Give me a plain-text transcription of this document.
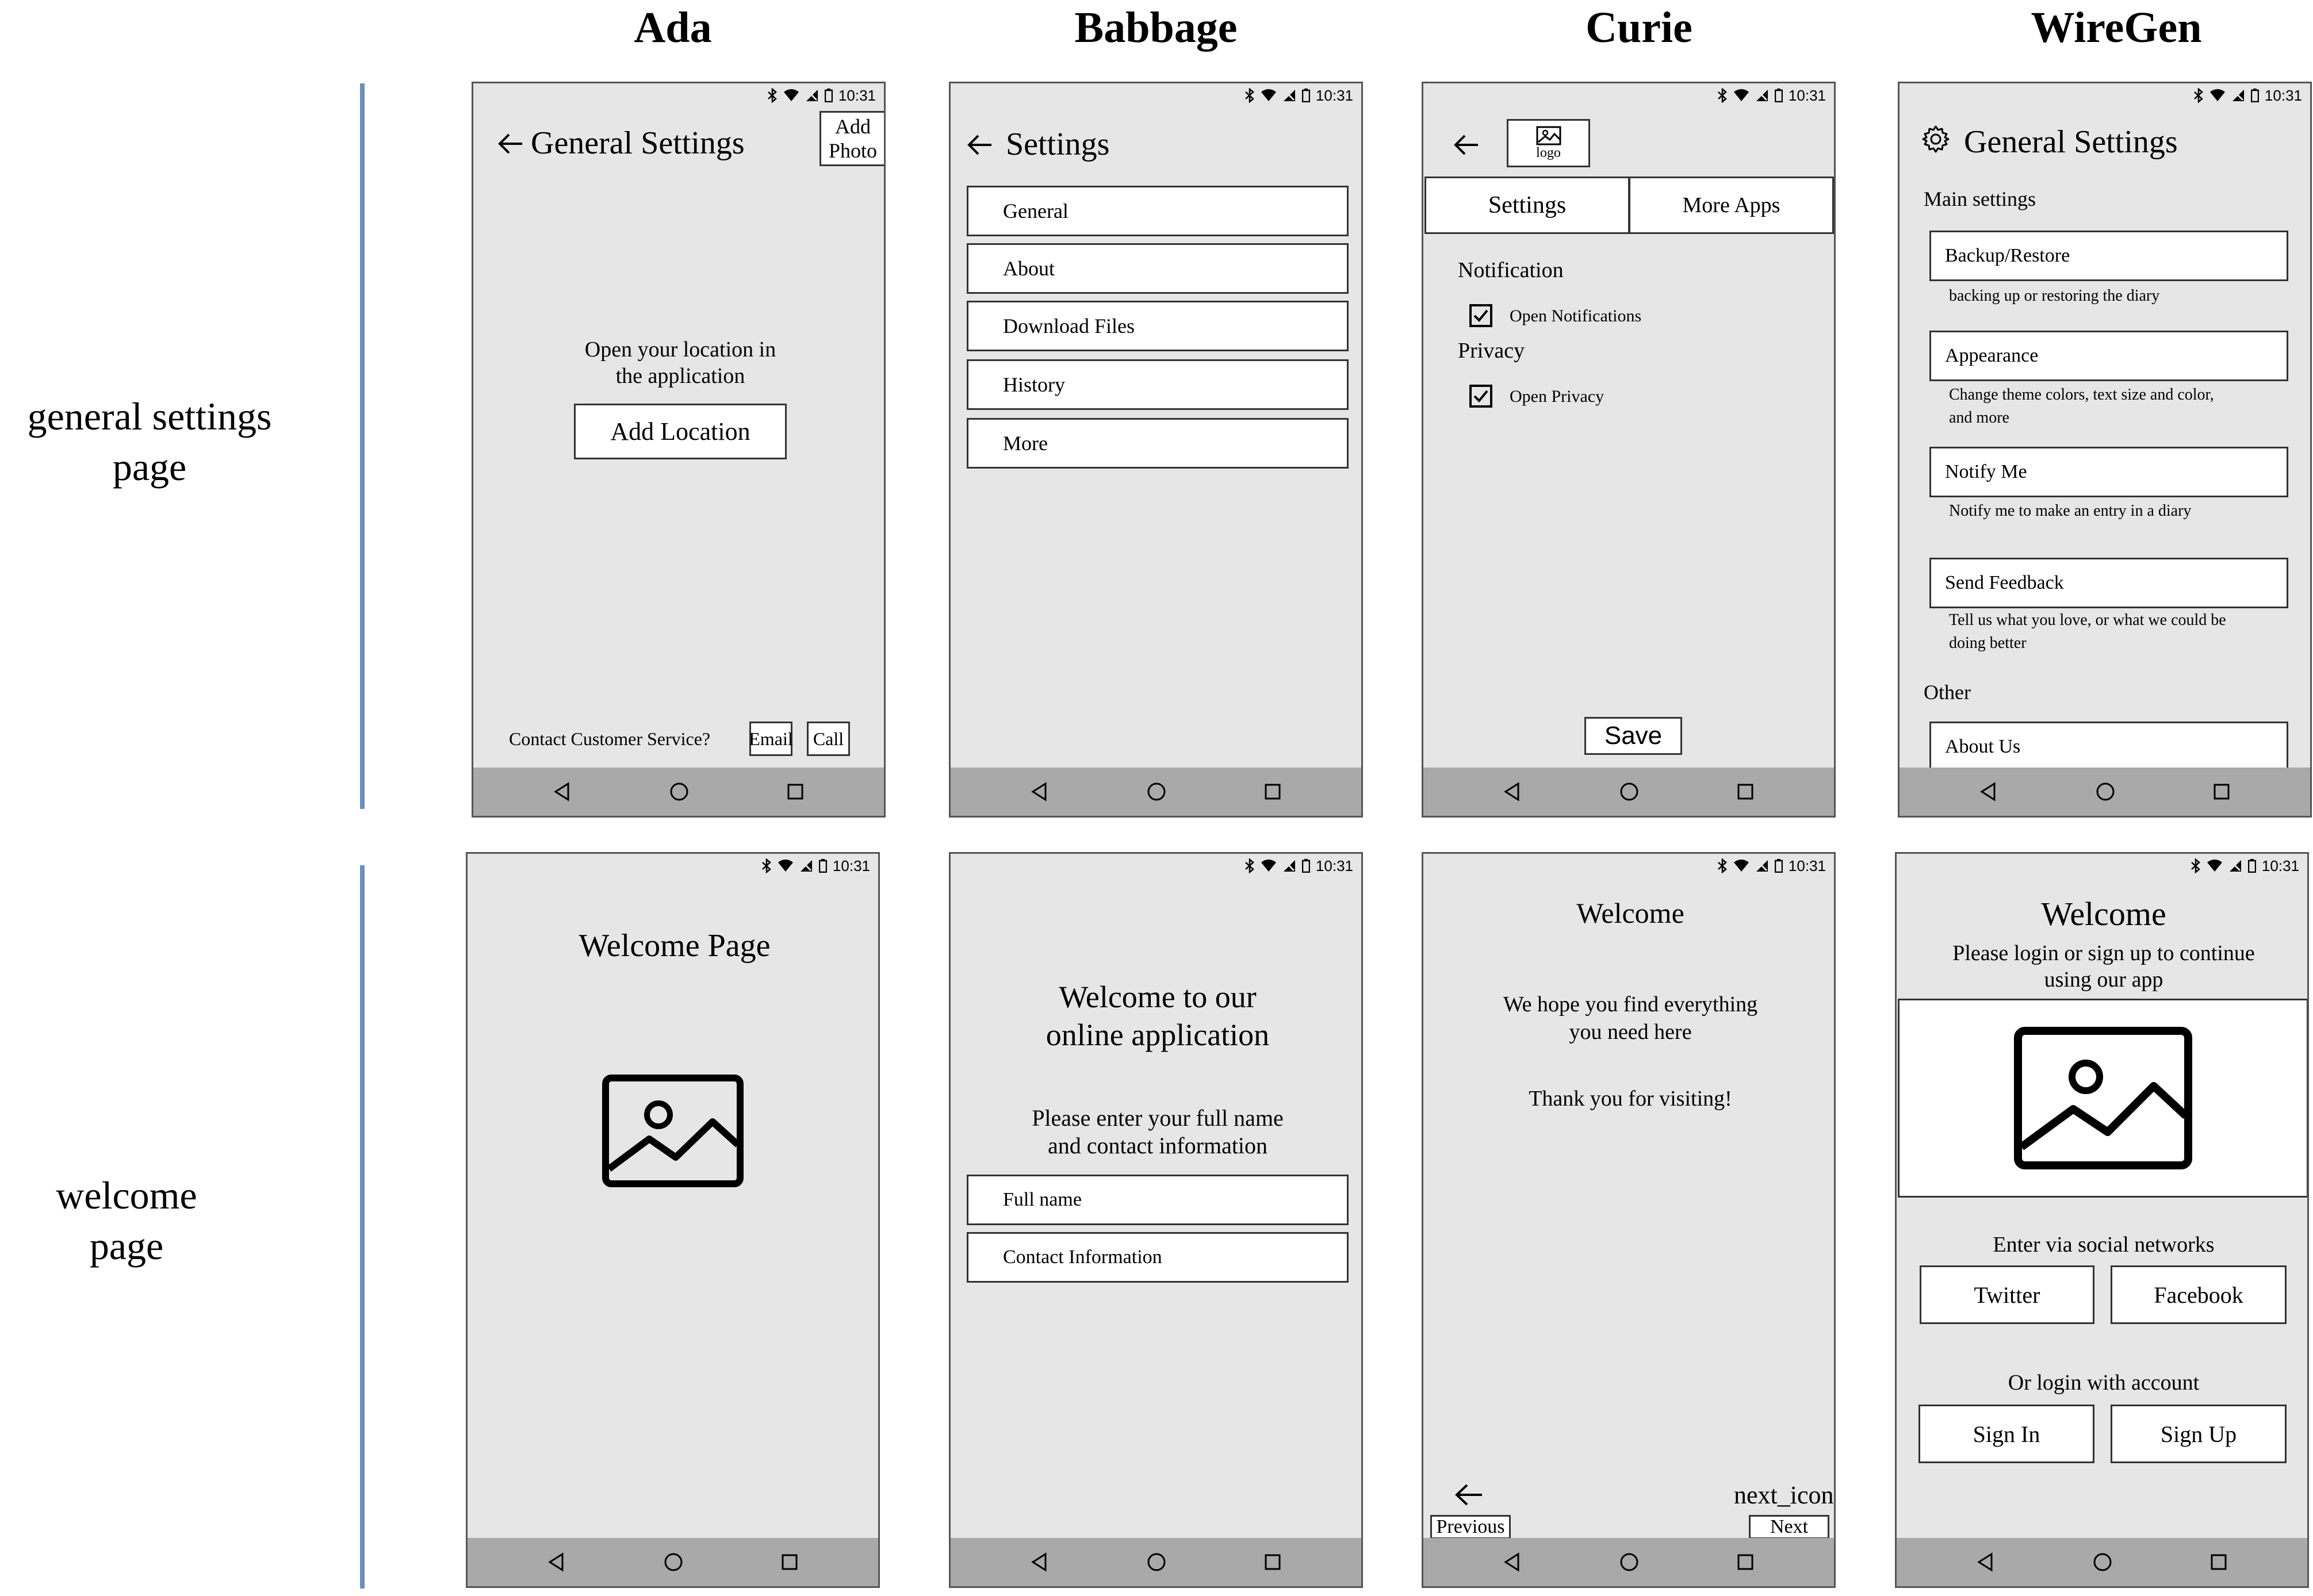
Ada	Babbage	Curie	WireGen
general settings
page
welcome
page
10:31
General Settings	Add
Photo
Open your location in
the application
Add Location
Contact Customer Service? Email	Call
10:31
Settings
General
About
Download Files
History
More
10:31
logo
Settings	More Apps
Notification
Open Notifications
Privacy
Open Privacy
Save
10:31
General Settings
Main settings
Backup/Restore
backing up or restoring the diary
Appearance
Change theme colors, text size and color,
and more
Notify Me
Notify me to make an entry in a diary
Send Feedback
Tell us what you love, or what we could be
doing better
Other
About Us
10:31
Welcome Page
10:31
Welcome to our
online application
Please enter your full name
and contact information
Full name
Contact Information
10:31
Welcome
We hope you find everything
you need here
Thank you for visiting!
Previous
next_icon
Next
10:31
Welcome
Please login or sign up to continue
using our app
Enter via social networks
Twitter	Facebook
Or login with account
Sign In	Sign Up
